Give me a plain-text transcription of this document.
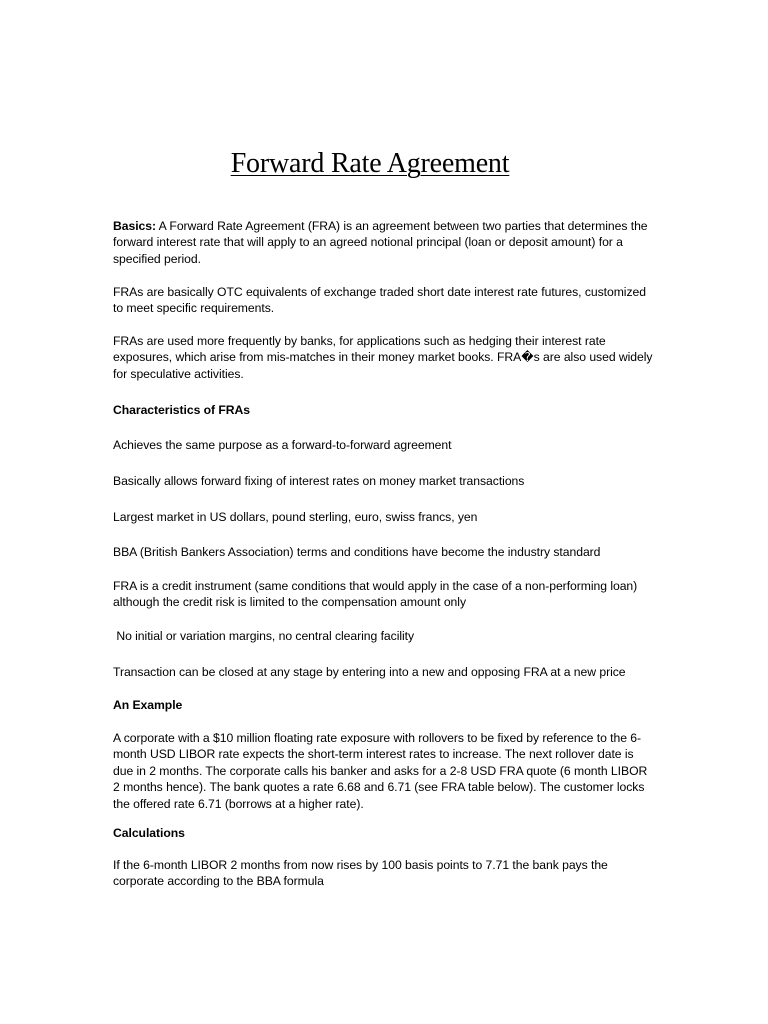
Forward Rate Agreement

Basics: A Forward Rate Agreement (FRA) is an agreement between two parties that determines the forward interest rate that will apply to an agreed notional principal (loan or deposit amount) for a specified period.

FRAs are basically OTC equivalents of exchange traded short date interest rate futures, customized to meet specific requirements.

FRAs are used more frequently by banks, for applications such as hedging their interest rate exposures, which arise from mis-matches in their money market books. FRA�s are also used widely for speculative activities.

Characteristics of FRAs

Achieves the same purpose as a forward-to-forward agreement

Basically allows forward fixing of interest rates on money market transactions

Largest market in US dollars, pound sterling, euro, swiss francs, yen

BBA (British Bankers Association) terms and conditions have become the industry standard

FRA is a credit instrument (same conditions that would apply in the case of a non-performing loan) although the credit risk is limited to the compensation amount only

No initial or variation margins, no central clearing facility

Transaction can be closed at any stage by entering into a new and opposing FRA at a new price

An Example

A corporate with a $10 million floating rate exposure with rollovers to be fixed by reference to the 6-month USD LIBOR rate expects the short-term interest rates to increase. The next rollover date is due in 2 months. The corporate calls his banker and asks for a 2-8 USD FRA quote (6 month LIBOR 2 months hence). The bank quotes a rate 6.68 and 6.71 (see FRA table below). The customer locks the offered rate 6.71 (borrows at a higher rate).

Calculations

If the 6-month LIBOR 2 months from now rises by 100 basis points to 7.71 the bank pays the corporate according to the BBA formula
